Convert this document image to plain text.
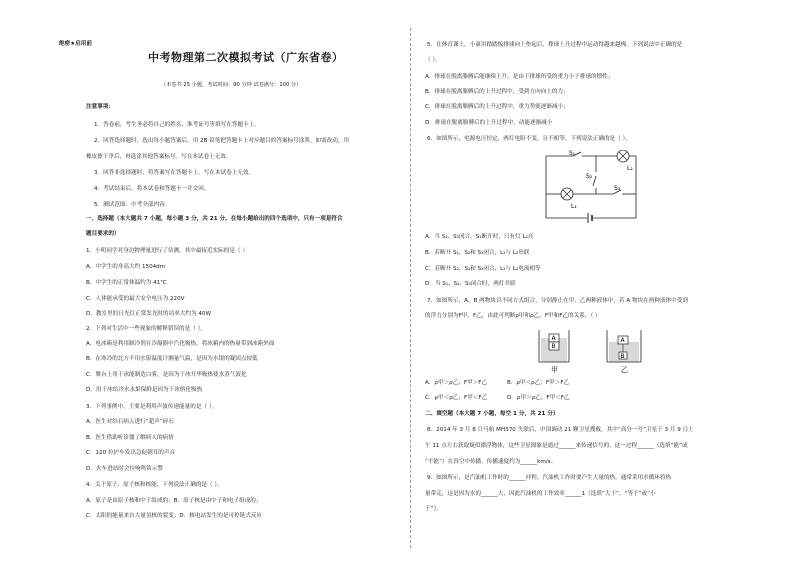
绝密★启用前
中考物理第二次模拟考试（广东省卷）
（本卷共 25 小题，考试时间：90 分钟 试卷满分：100 分）
注意事项：
1．答卷前，考生务必将自己的姓名、准考证号等填写在答题卡上。
2．回答选择题时，选出每小题答案后，用 2B 铅笔把答题卡上对应题目的答案标号涂黑。如需改动，用
橡皮擦干净后，再选涂其他答案标号。写在本试卷上无效。
3．回答非选择题时，将答案写在答题卡上。写在本试卷上无效。
4．考试结束后，将本试卷和答题卡一并交回。
5．测试范围：中考全部内容。
一、选择题（本大题共 7 小题，每小题 3 分，共 21 分。在每小题给出的四个选项中，只有一项是符合
题目要求的）
1．小明同学对身边物理量进行了估测，其中最接近实际的是（ ）
A．中学生的身高大约 1504dm
B．中学生的正常体温约为 41℃
C．人体能承受的最大安全电压为 220V
D．教室里的日光灯正常发光时的功率大约为 40W
2．下列对生活中一些现象的解释错误的是（ ）。
A．电冰箱是利用制冷剂在冷凝器中汽化吸热，将冰箱内的热量带到冰箱外面
B．在寒冷的北方不用水银温度计测量气温，是因为水银的凝固点较低
C．舞台上用干冰能制造白雾，是因为干冰升华吸热使水蒸气液化
D．用干冰给冷水水果保鲜是因为干冰熔化吸热
3．下列事例中，主要是利用声波传递能量的是（ ）。
A．医生对结石病人进行“超声”碎石
B．医生借助听诊器了解病人的病情
C．120 拉护车发出急促刺耳的声音
D．火车进站时会拉响鸣笛示警
4．关于原子、原子核和核能，下列说法正确的是（ ）。
A．原子是由原子核和中子组成的；B．原子核是由中子和电子组成的；
C．太阳的能量来自大量氢核的裂变；D．核电站发生的是可控链式反应
5．在体育课上，小東用踏踏板排球向上垫起后，排球上升过程中运动得越来越慢。下列说法中正确的是
（ ）。
A．排球在脱离胳膊后能继续上升，是由于排球所受的重力小于排球的惯性；
B．排球在脱离胳膊后的上升过程中，受到方向向上的力；
C．排球在脱离胳膊后的上升过程中，重力势能逐渐减小；
D．排球在脱离胳膊后的上升过程中，动能逐渐减小
6．如图所示，电源电压恒定，两灯电阻不变，且不相等。下列说法正确的是（ ）。
S₁
S₂
S₃
L₁
L₂
A．当 S₂、S₃闭合，S₁断开时，只有灯 L₂亮
B．若断开 S₁，S₂和 S₃闭合，L₁与 L₂串联
C．若断开 S₂，S₁和 S₃闭合，L₁与 L₂电流相等
D．当 S₁、S₂、S₃闭合时，两灯并联
7．如图所示，A，B 两物块以不同方式组合，分别静止在甲、乙两种液体中，若 A 物块在两种液体中受到
的浮力分别为F甲、F乙，由此可判断ρ甲和ρ乙、F甲和F乙的关系。（ ）
A
B
A
B
甲	乙
A．ρ甲＞ρ乙；F甲＞F乙	B．ρ甲＜ρ乙；F甲＞F乙
C．ρ甲＜ρ乙；F甲＜F乙	D．ρ甲＞ρ乙；F甲＜F乙
二、填空题（本大题 7 小题，每空 1 分，共 21 分）
8．2014 年 3 月 8 日马航 MH370 失联后，中国调动 21 颗卫星搜救，其中“高分一号”卫星于 3 月 9 日上
午 11 点左右获取疑似漂浮物体，这些卫星图象是通过______来传递信号的，这一过程______（选填“能”或
“不能”）在真空中传播，传播速度约为______km/s。
9．如图所示，是汽油机工作时的______冲程。汽油机工作时要产生大量的热，通常采用水循环将热
量带走，这是因为水的______大，因此汽油机的工作效率______1（选填“大于”、“等于”或“小
于”）。
